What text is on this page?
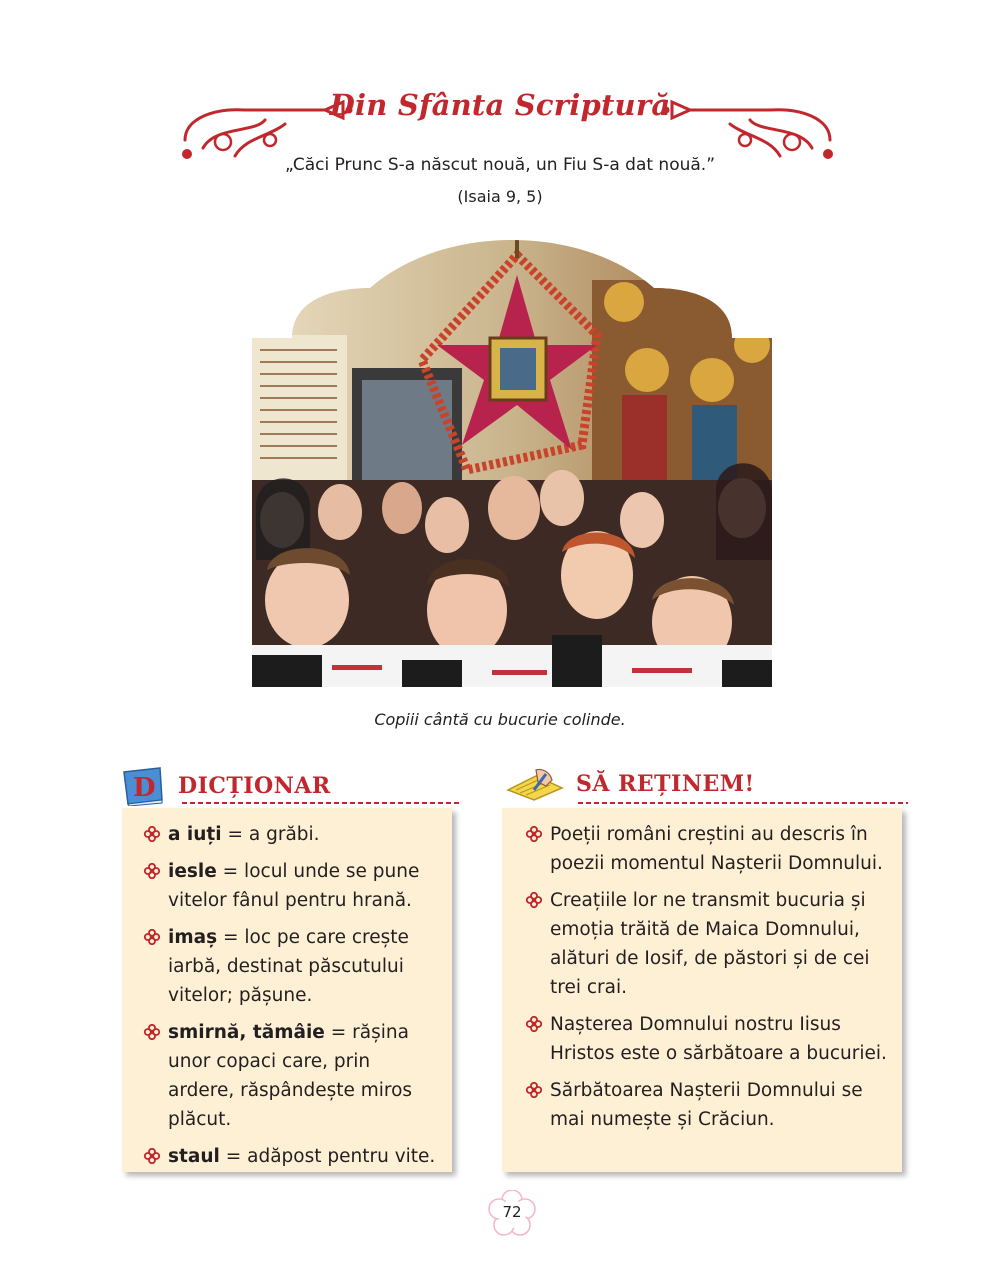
Din Sfânta Scriptură
„Căci Prunc S-a născut nouă, un Fiu S-a dat nouă.”
(Isaia 9, 5)
Copiii cântă cu bucurie colinde.
D DICȚIONAR
a iuți = a grăbi.
iesle = locul unde se pune vitelor fânul pentru hrană.
imaș = loc pe care crește iarbă, destinat păscutului vitelor; pășune.
smirnă, tămâie = rășina unor copaci care, prin ardere, răspândește miros plăcut.
staul = adăpost pentru vite.
SĂ REȚINEM!
Poeții români creștini au descris în poezii momentul Nașterii Domnului.
Creațiile lor ne transmit bucuria și emoția trăită de Maica Domnului, alături de Iosif, de păstori și de cei trei crai.
Nașterea Domnului nostru Iisus Hristos este o sărbătoare a bucuriei.
Sărbătoarea Nașterii Domnului se mai numește și Crăciun.
72
